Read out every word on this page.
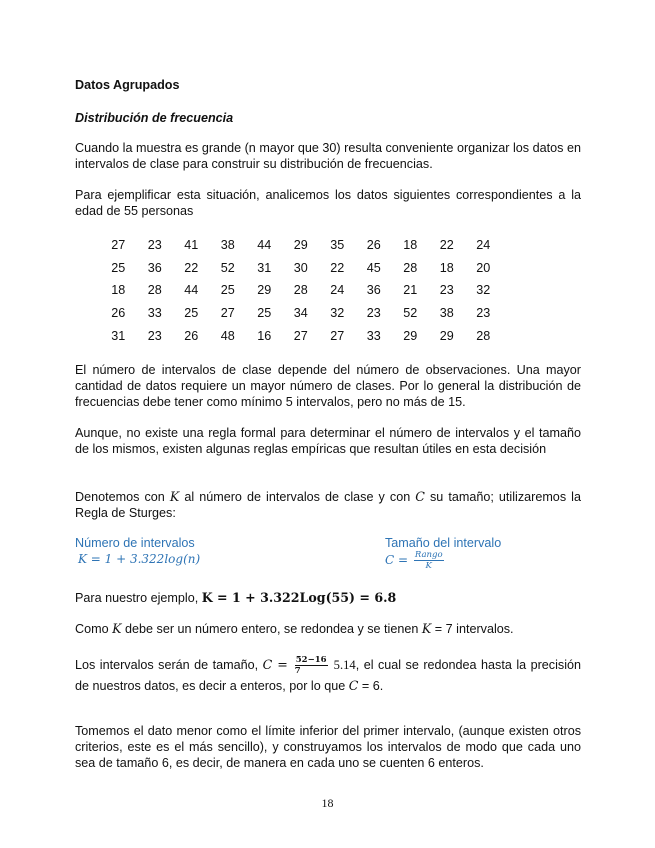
Datos Agrupados
Distribución de frecuencia
Cuando la muestra es grande (n mayor que 30) resulta conveniente organizar los datos en intervalos de clase para construir su distribución de frecuencias.
Para ejemplificar esta situación, analicemos los datos siguientes correspondientes a la edad de 55 personas
27	23	41	38	44	29	35	26	18	22	24
25	36	22	52	31	30	22	45	28	18	20
18	28	44	25	29	28	24	36	21	23	32
26	33	25	27	25	34	32	23	52	38	23
31	23	26	48	16	27	27	33	29	29	28
El número de intervalos de clase depende del número de observaciones. Una mayor cantidad de datos requiere un mayor número de clases. Por lo general la distribución de frecuencias debe tener como mínimo 5 intervalos, pero no más de 15.
Aunque, no existe una regla formal para determinar el número de intervalos y el tamaño de los mismos, existen algunas reglas empíricas que resultan útiles en esta decisión
Denotemos con K al número de intervalos de clase y con C su tamaño; utilizaremos la Regla de Sturges:
Número de intervalos
K = 1 + 3.322log(n)
Tamaño del intervalo
$C = \frac{\text{Rango}}{K}$
Para nuestro ejemplo, K = 1 + 3.322Log(55) = 6.8
Como K debe ser un número entero, se redondea y se tienen K = 7 intervalos.
Los intervalos serán de tamaño, $C = \frac{52-16}{7} 5.14$, el cual se redondea hasta la precisión de nuestros datos, es decir a enteros, por lo que C = 6.
Tomemos el dato menor como el límite inferior del primer intervalo, (aunque existen otros criterios, este es el más sencillo), y construyamos los intervalos de modo que cada uno sea de tamaño 6, es decir, de manera en cada uno se cuenten 6 enteros.
18
